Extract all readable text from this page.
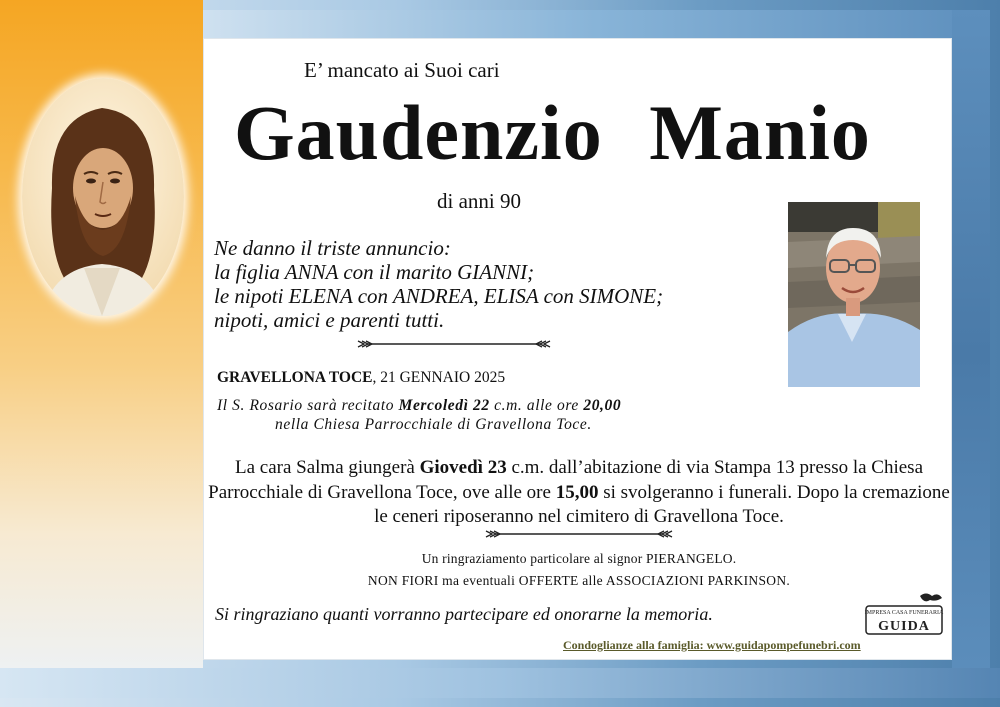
E’ mancato ai Suoi cari
Gaudenzio Manio
di anni 90
Ne danno il triste annuncio:
la figlia ANNA con il marito GIANNI;
le nipoti ELENA con ANDREA, ELISA con SIMONE;
nipoti, amici e parenti tutti.
GRAVELLONA TOCE, 21 GENNAIO 2025
Il S. Rosario sarà recitato Mercoledì 22 c.m. alle ore 20,00
nella Chiesa Parrocchiale di Gravellona Toce.
La cara Salma giungerà Giovedì 23 c.m. dall’abitazione di via Stampa 13 presso la Chiesa Parrocchiale di Gravellona Toce, ove alle ore 15,00 si svolgeranno i funerali. Dopo la cremazione le ceneri riposeranno nel cimitero di Gravellona Toce.
Un ringraziamento particolare al signor PIERANGELO.
NON FIORI ma eventuali OFFERTE alle ASSOCIAZIONI PARKINSON.
Si ringraziano quanti vorranno partecipare ed onorarne la memoria.
Condoglianze alla famiglia: www.guidapompefunebri.com
IMPRESA CASA FUNERARIA
GUIDA
